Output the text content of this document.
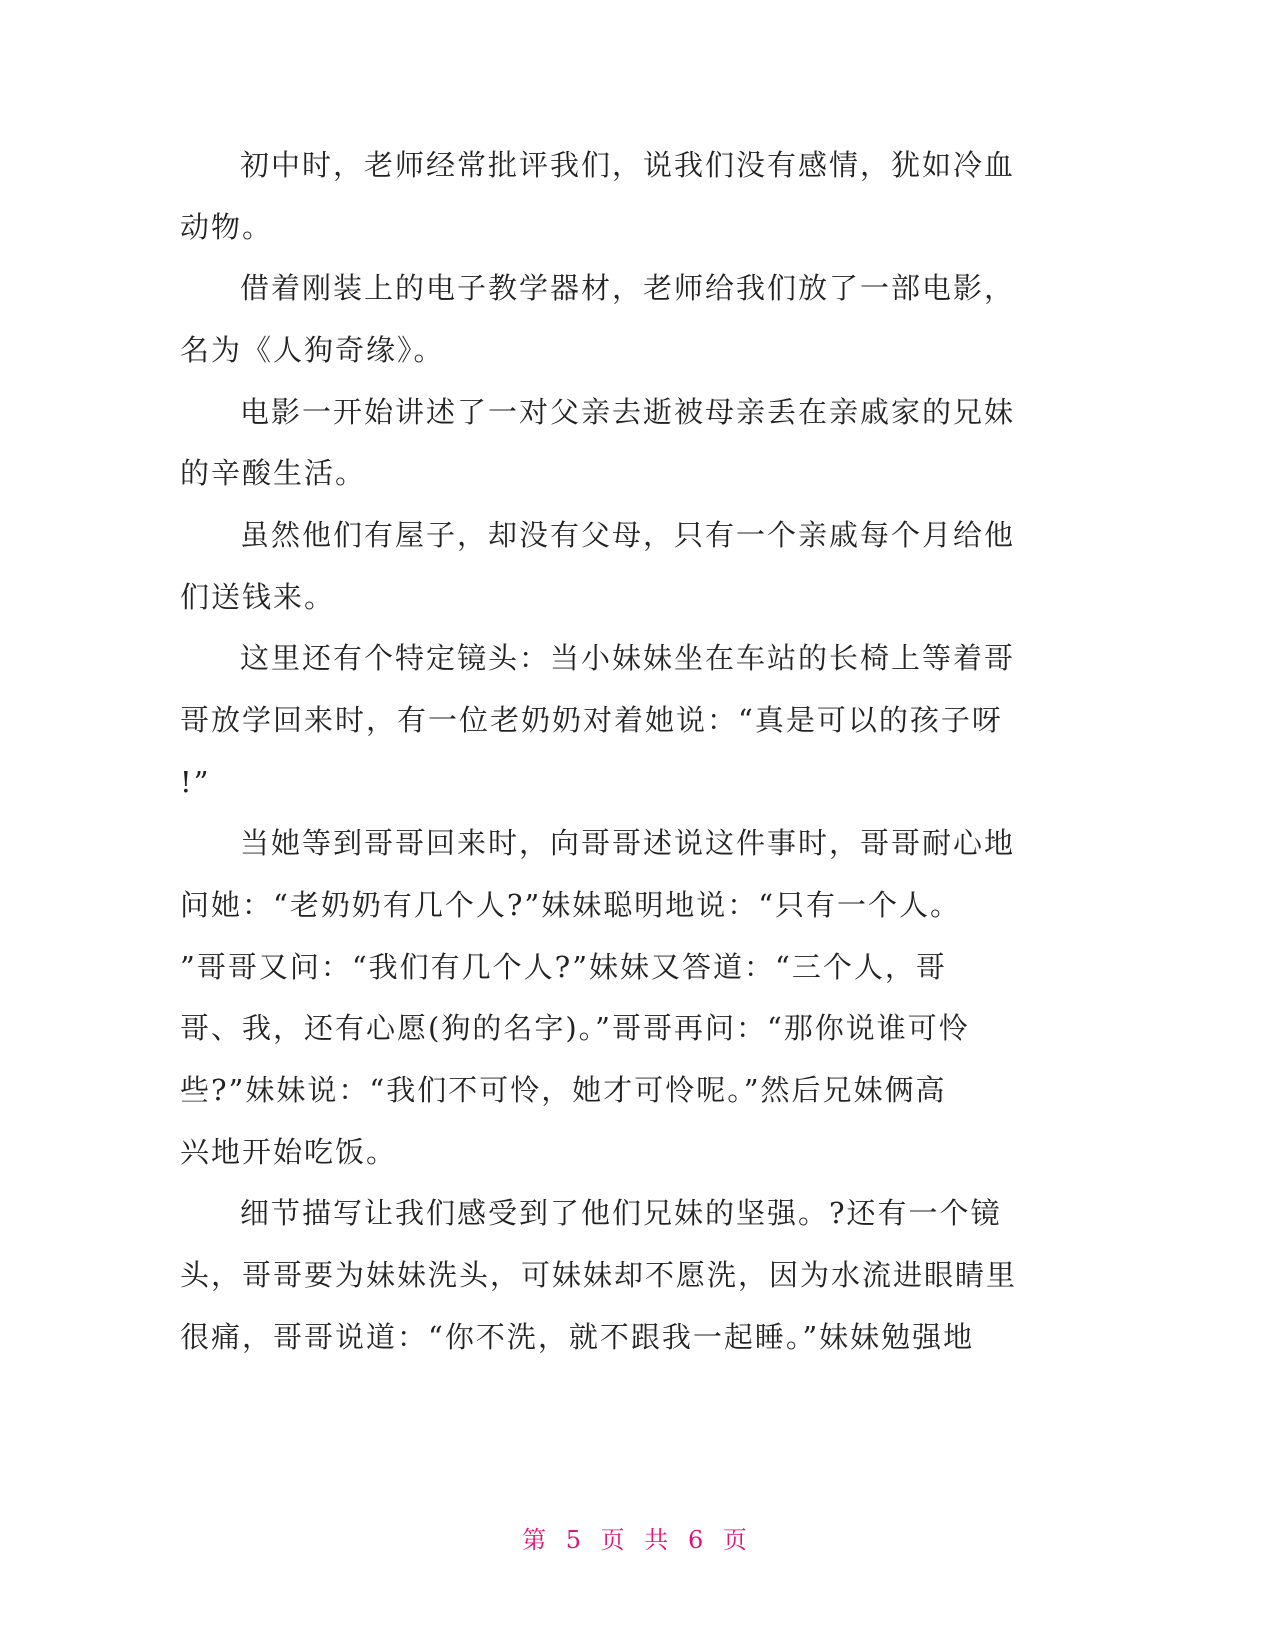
初中时，老师经常批评我们，说我们没有感情，犹如冷血
动物。
借着刚装上的电子教学器材，老师给我们放了一部电影，
名为《人狗奇缘》。
电影一开始讲述了一对父亲去逝被母亲丢在亲戚家的兄妹
的辛酸生活。
虽然他们有屋子，却没有父母，只有一个亲戚每个月给他
们送钱来。
这里还有个特定镜头：当小妹妹坐在车站的长椅上等着哥
哥放学回来时，有一位老奶奶对着她说：“真是可以的孩子呀
!”
当她等到哥哥回来时，向哥哥述说这件事时，哥哥耐心地
问她：“老奶奶有几个人?”妹妹聪明地说：“只有一个人。
”哥哥又问：“我们有几个人?”妹妹又答道：“三个人，哥
哥、我，还有心愿(狗的名字)。”哥哥再问：“那你说谁可怜
些?”妹妹说：“我们不可怜，她才可怜呢。”然后兄妹俩高
兴地开始吃饭。
细节描写让我们感受到了他们兄妹的坚强。?还有一个镜
头，哥哥要为妹妹洗头，可妹妹却不愿洗，因为水流进眼睛里
很痛，哥哥说道：“你不洗，就不跟我一起睡。”妹妹勉强地
第 5 页 共 6 页
